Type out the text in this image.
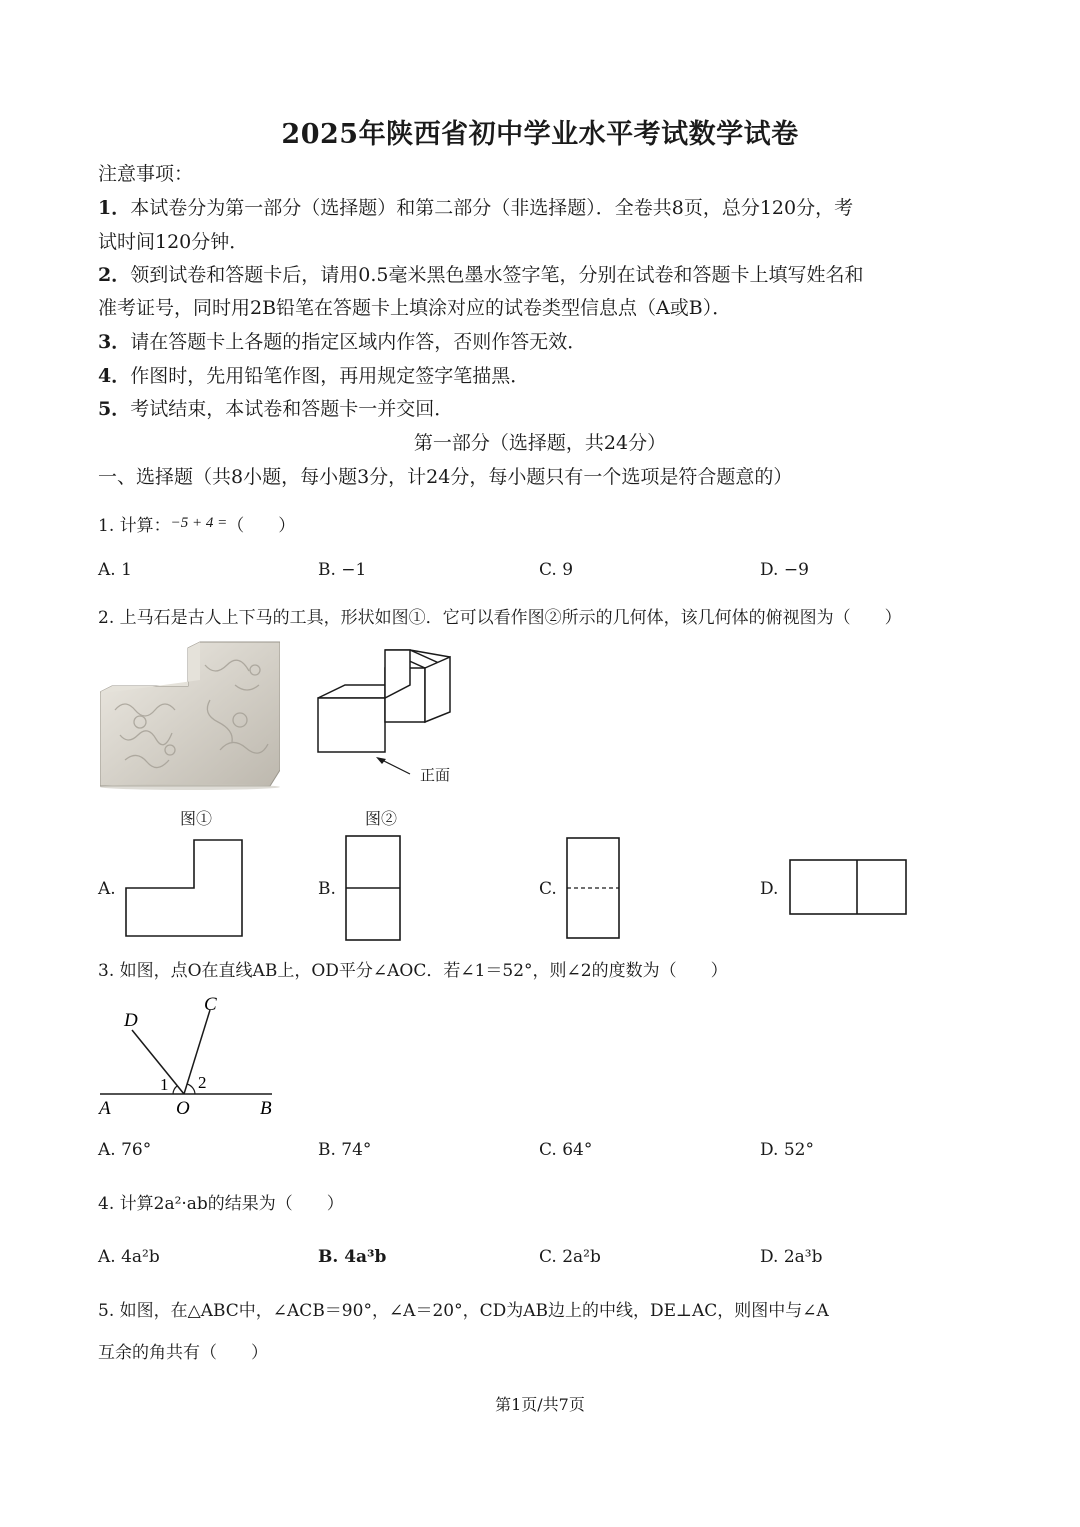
2025年陕西省初中学业水平考试数学试卷
注意事项：
1．本试卷分为第一部分（选择题）和第二部分（非选择题）．全卷共8页，总分120分，考
试时间120分钟．
2．领到试卷和答题卡后，请用0.5毫米黑色墨水签字笔，分别在试卷和答题卡上填写姓名和
准考证号，同时用2B铅笔在答题卡上填涂对应的试卷类型信息点（A或B）．
3．请在答题卡上各题的指定区域内作答，否则作答无效．
4．作图时，先用铅笔作图，再用规定签字笔描黑．
5．考试结束，本试卷和答题卡一并交回．
第一部分（选择题，共24分）
一、选择题（共8小题，每小题3分，计24分，每小题只有一个选项是符合题意的）
1. 计算：−5 + 4 =（　　）
A. 1	B. −1	C. 9	D. −9
2. 上马石是古人上下马的工具，形状如图①．它可以看作图②所示的几何体，该几何体的俯视图为（　　）
正面
图①	图②
A.	B.	C.	D.
3. 如图，点O在直线AB上，OD平分∠AOC．若∠1＝52°，则∠2的度数为（　　）
A	O	B
C
D
1 2
A. 76°	B. 74°	C. 64°	D. 52°
4. 计算2a²·ab的结果为（　　）
A. 4a²b	B. 4a³b	C. 2a²b	D. 2a³b
5. 如图，在△ABC中，∠ACB＝90°，∠A＝20°，CD为AB边上的中线，DE⊥AC，则图中与∠A
互余的角共有（　　）
第1页/共7页
